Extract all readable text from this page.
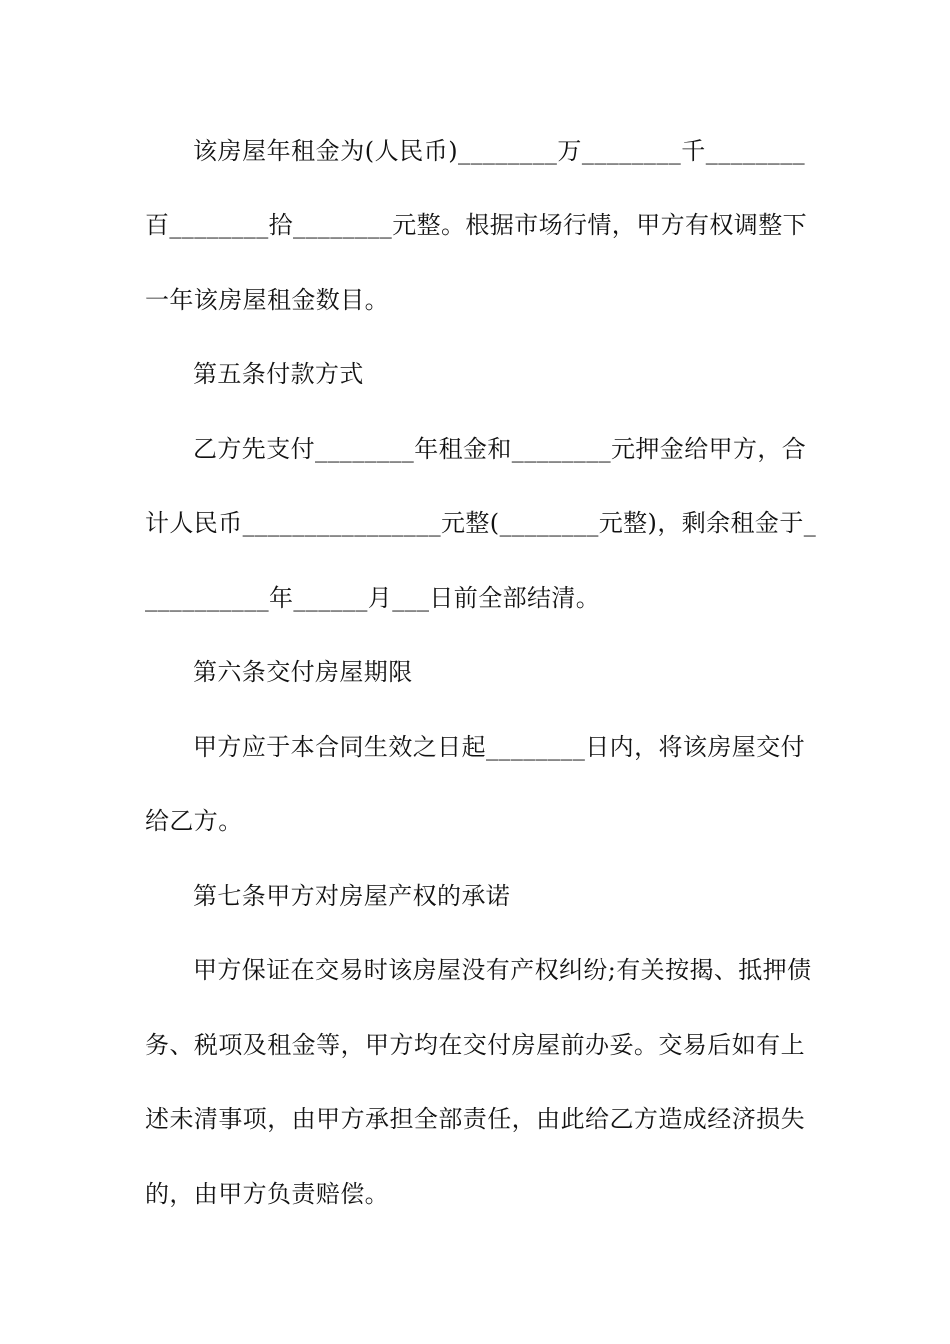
该房屋年租金为(人民币)________万________千________
百________拾________元整。根据市场行情，甲方有权调整下
一年该房屋租金数目。
第五条付款方式
乙方先支付________年租金和________元押金给甲方，合
计人民币________________元整(________元整)，剩余租金于_
__________年______月___日前全部结清。
第六条交付房屋期限
甲方应于本合同生效之日起________日内，将该房屋交付
给乙方。
第七条甲方对房屋产权的承诺
甲方保证在交易时该房屋没有产权纠纷;有关按揭、抵押债
务、税项及租金等，甲方均在交付房屋前办妥。交易后如有上
述未清事项，由甲方承担全部责任，由此给乙方造成经济损失
的，由甲方负责赔偿。
